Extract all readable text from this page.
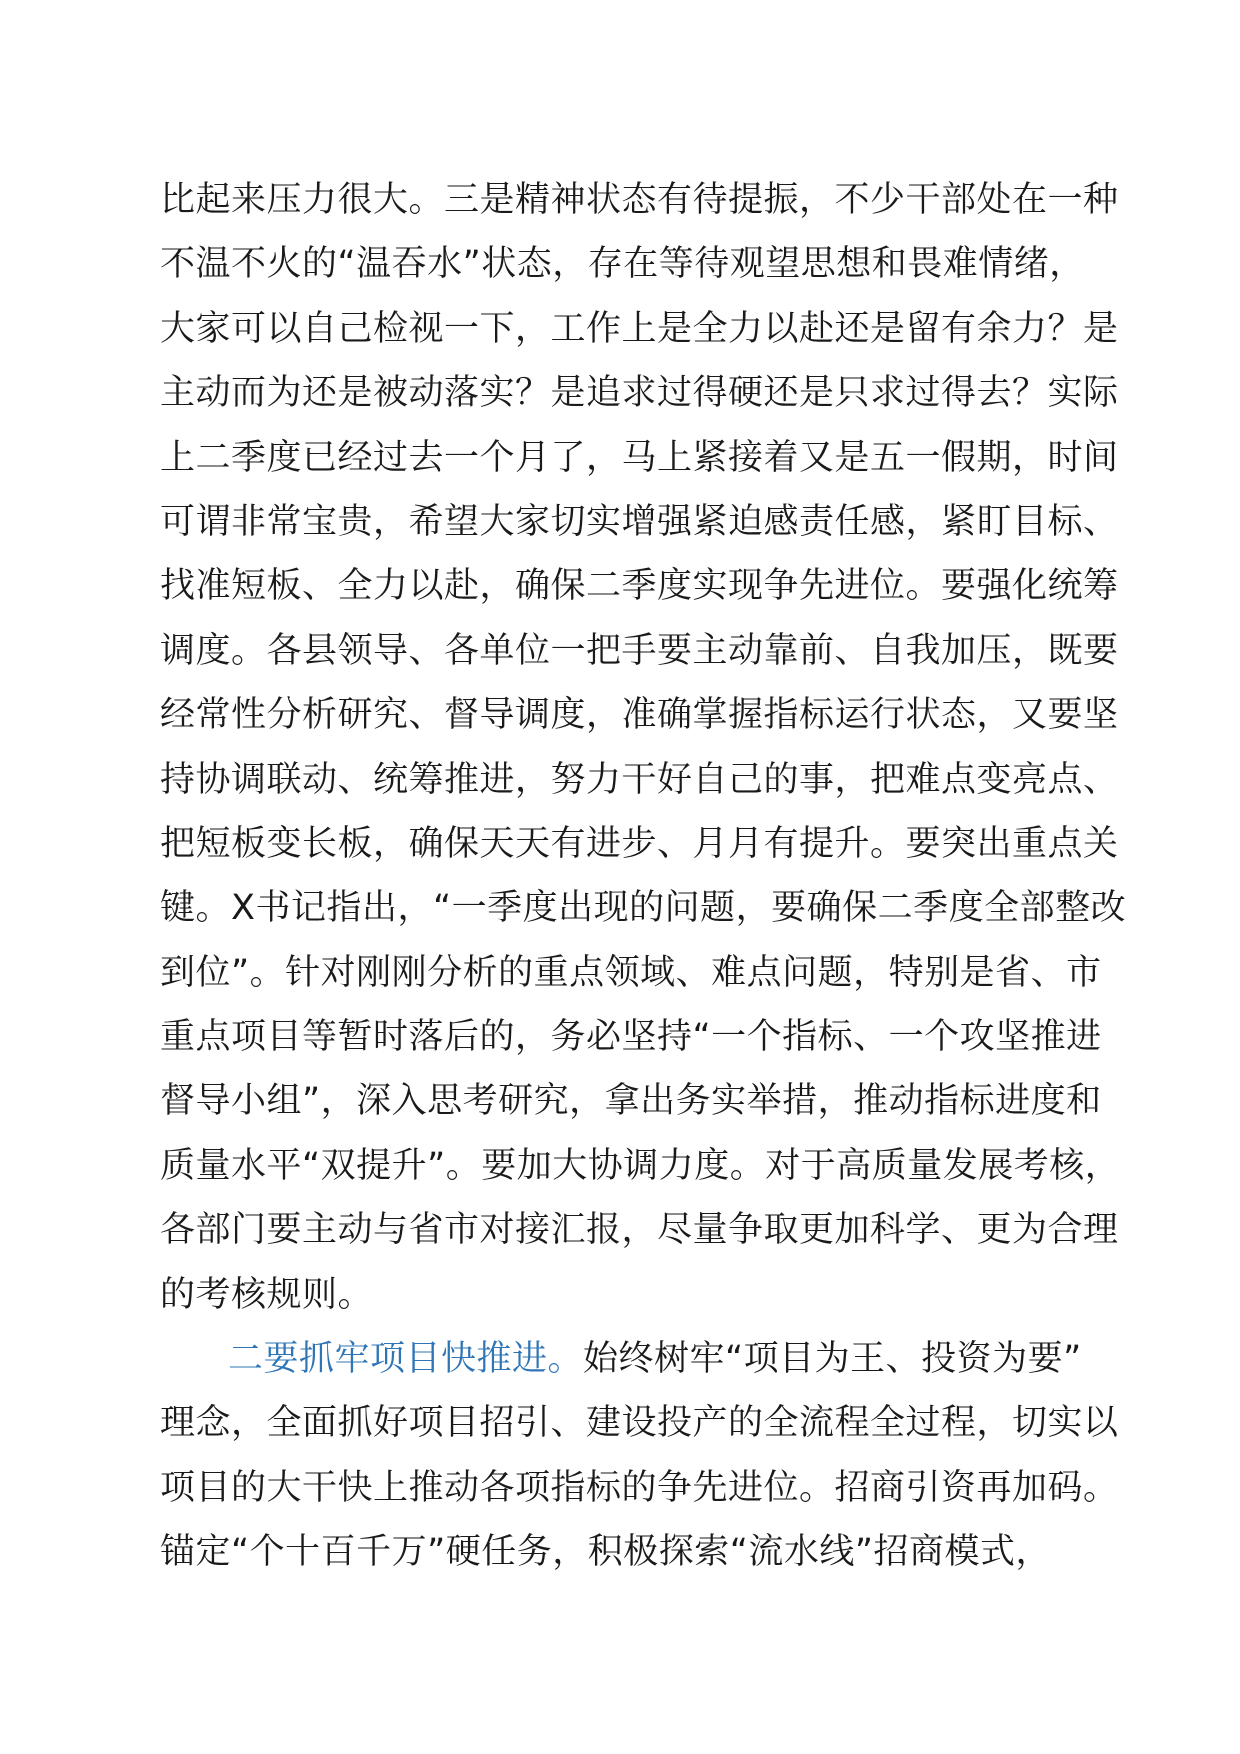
比起来压力很大。三是精神状态有待提振，不少干部处在一种
不温不火的“温吞水”状态，存在等待观望思想和畏难情绪，
大家可以自己检视一下，工作上是全力以赴还是留有余力？是
主动而为还是被动落实？是追求过得硬还是只求过得去？实际
上二季度已经过去一个月了，马上紧接着又是五一假期，时间
可谓非常宝贵，希望大家切实增强紧迫感责任感，紧盯目标、
找准短板、全力以赴，确保二季度实现争先进位。要强化统筹
调度。各县领导、各单位一把手要主动靠前、自我加压，既要
经常性分析研究、督导调度，准确掌握指标运行状态，又要坚
持协调联动、统筹推进，努力干好自己的事，把难点变亮点、
把短板变长板，确保天天有进步、月月有提升。要突出重点关
键。X书记指出，“一季度出现的问题，要确保二季度全部整改
到位”。针对刚刚分析的重点领域、难点问题，特别是省、市
重点项目等暂时落后的，务必坚持“一个指标、一个攻坚推进
督导小组”，深入思考研究，拿出务实举措，推动指标进度和
质量水平“双提升”。要加大协调力度。对于高质量发展考核，
各部门要主动与省市对接汇报，尽量争取更加科学、更为合理
的考核规则。
二要抓牢项目快推进。始终树牢“项目为王、投资为要”
理念，全面抓好项目招引、建设投产的全流程全过程，切实以
项目的大干快上推动各项指标的争先进位。招商引资再加码。
锚定“个十百千万”硬任务，积极探索“流水线”招商模式，
